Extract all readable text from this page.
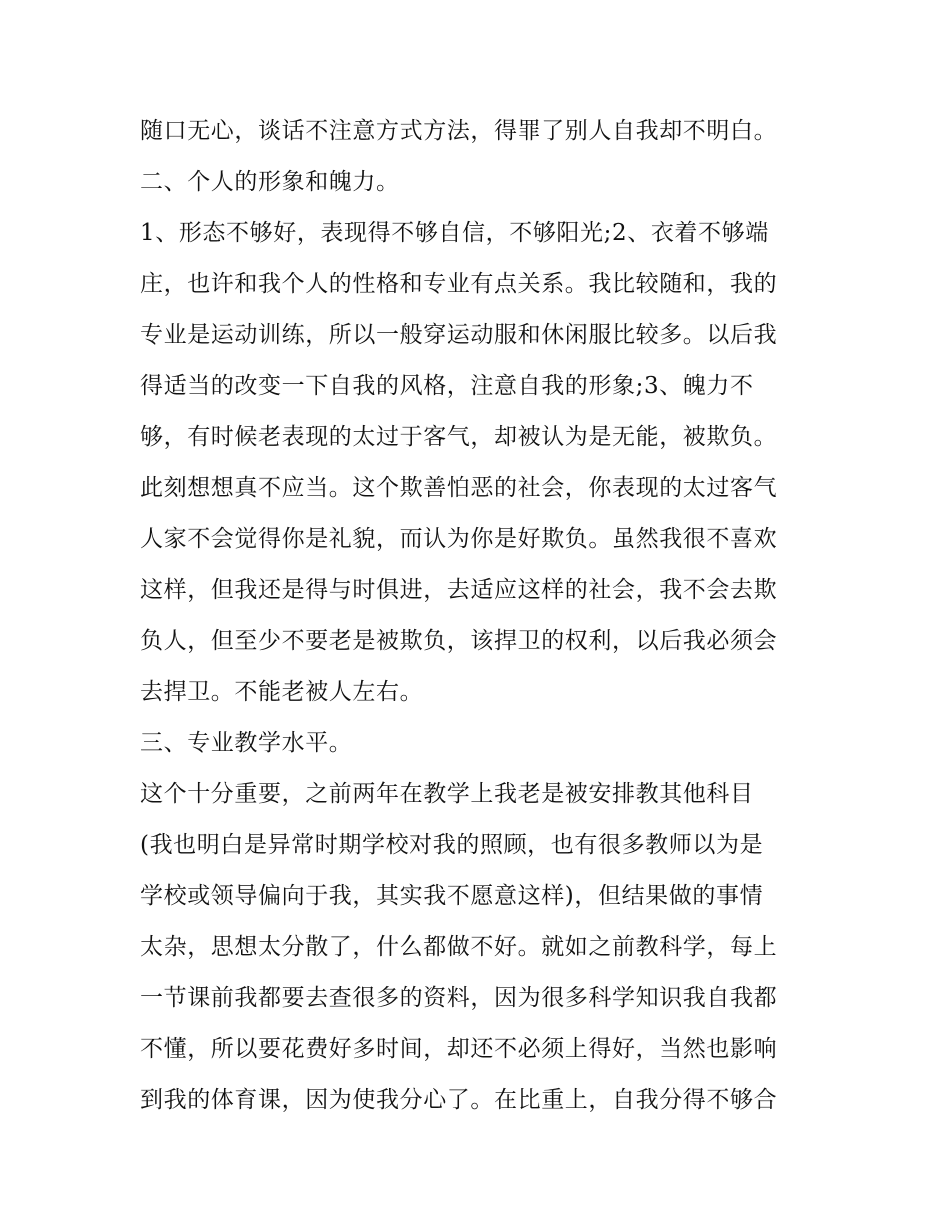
随口无心，谈话不注意方式方法，得罪了别人自我却不明白。
二、个人的形象和魄力。
1、形态不够好，表现得不够自信，不够阳光;2、衣着不够端
庄，也许和我个人的性格和专业有点关系。我比较随和，我的
专业是运动训练，所以一般穿运动服和休闲服比较多。以后我
得适当的改变一下自我的风格，注意自我的形象;3、魄力不
够，有时候老表现的太过于客气，却被认为是无能，被欺负。
此刻想想真不应当。这个欺善怕恶的社会，你表现的太过客气
人家不会觉得你是礼貌，而认为你是好欺负。虽然我很不喜欢
这样，但我还是得与时俱进，去适应这样的社会，我不会去欺
负人，但至少不要老是被欺负，该捍卫的权利，以后我必须会
去捍卫。不能老被人左右。
三、专业教学水平。
这个十分重要，之前两年在教学上我老是被安排教其他科目
(我也明白是异常时期学校对我的照顾，也有很多教师以为是
学校或领导偏向于我，其实我不愿意这样)，但结果做的事情
太杂，思想太分散了，什么都做不好。就如之前教科学，每上
一节课前我都要去查很多的资料，因为很多科学知识我自我都
不懂，所以要花费好多时间，却还不必须上得好，当然也影响
到我的体育课，因为使我分心了。在比重上，自我分得不够合
